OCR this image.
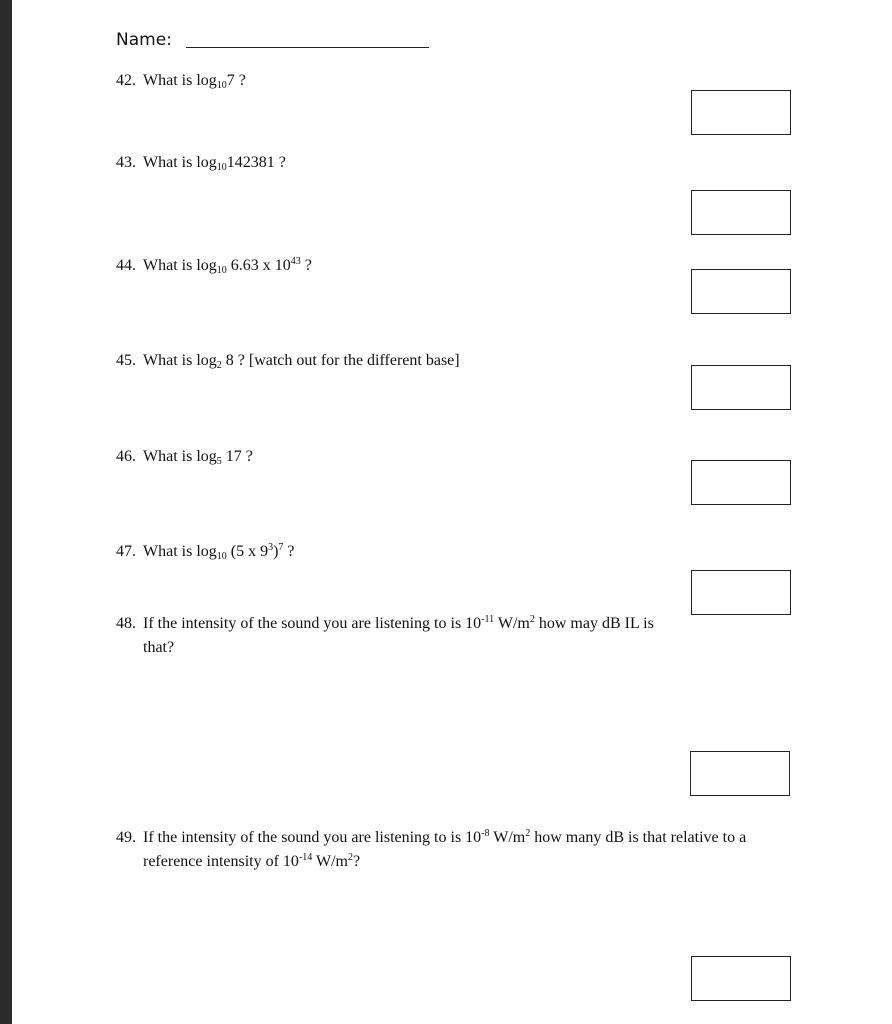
Name:
42. What is $\log_{10}7$ ?
43. What is $\log_{10}142381$ ?
44. What is $\log_{10} 6.63$ x $10^{43}$ ?
45. What is $\log_2 8$ ? [watch out for the different base]
46. What is $\log_5 17$ ?
47. What is $\log_{10} (5$ x $9^3)^7$ ?
48. If the intensity of the sound you are listening to is $10^{-11}$ $W/m^2$ how may dB IL is
that?
49. If the intensity of the sound you are listening to is $10^{-8}$ $W/m^2$ how many dB is that relative to a
reference intensity of $10^{-14}$ $W/m^2$?
